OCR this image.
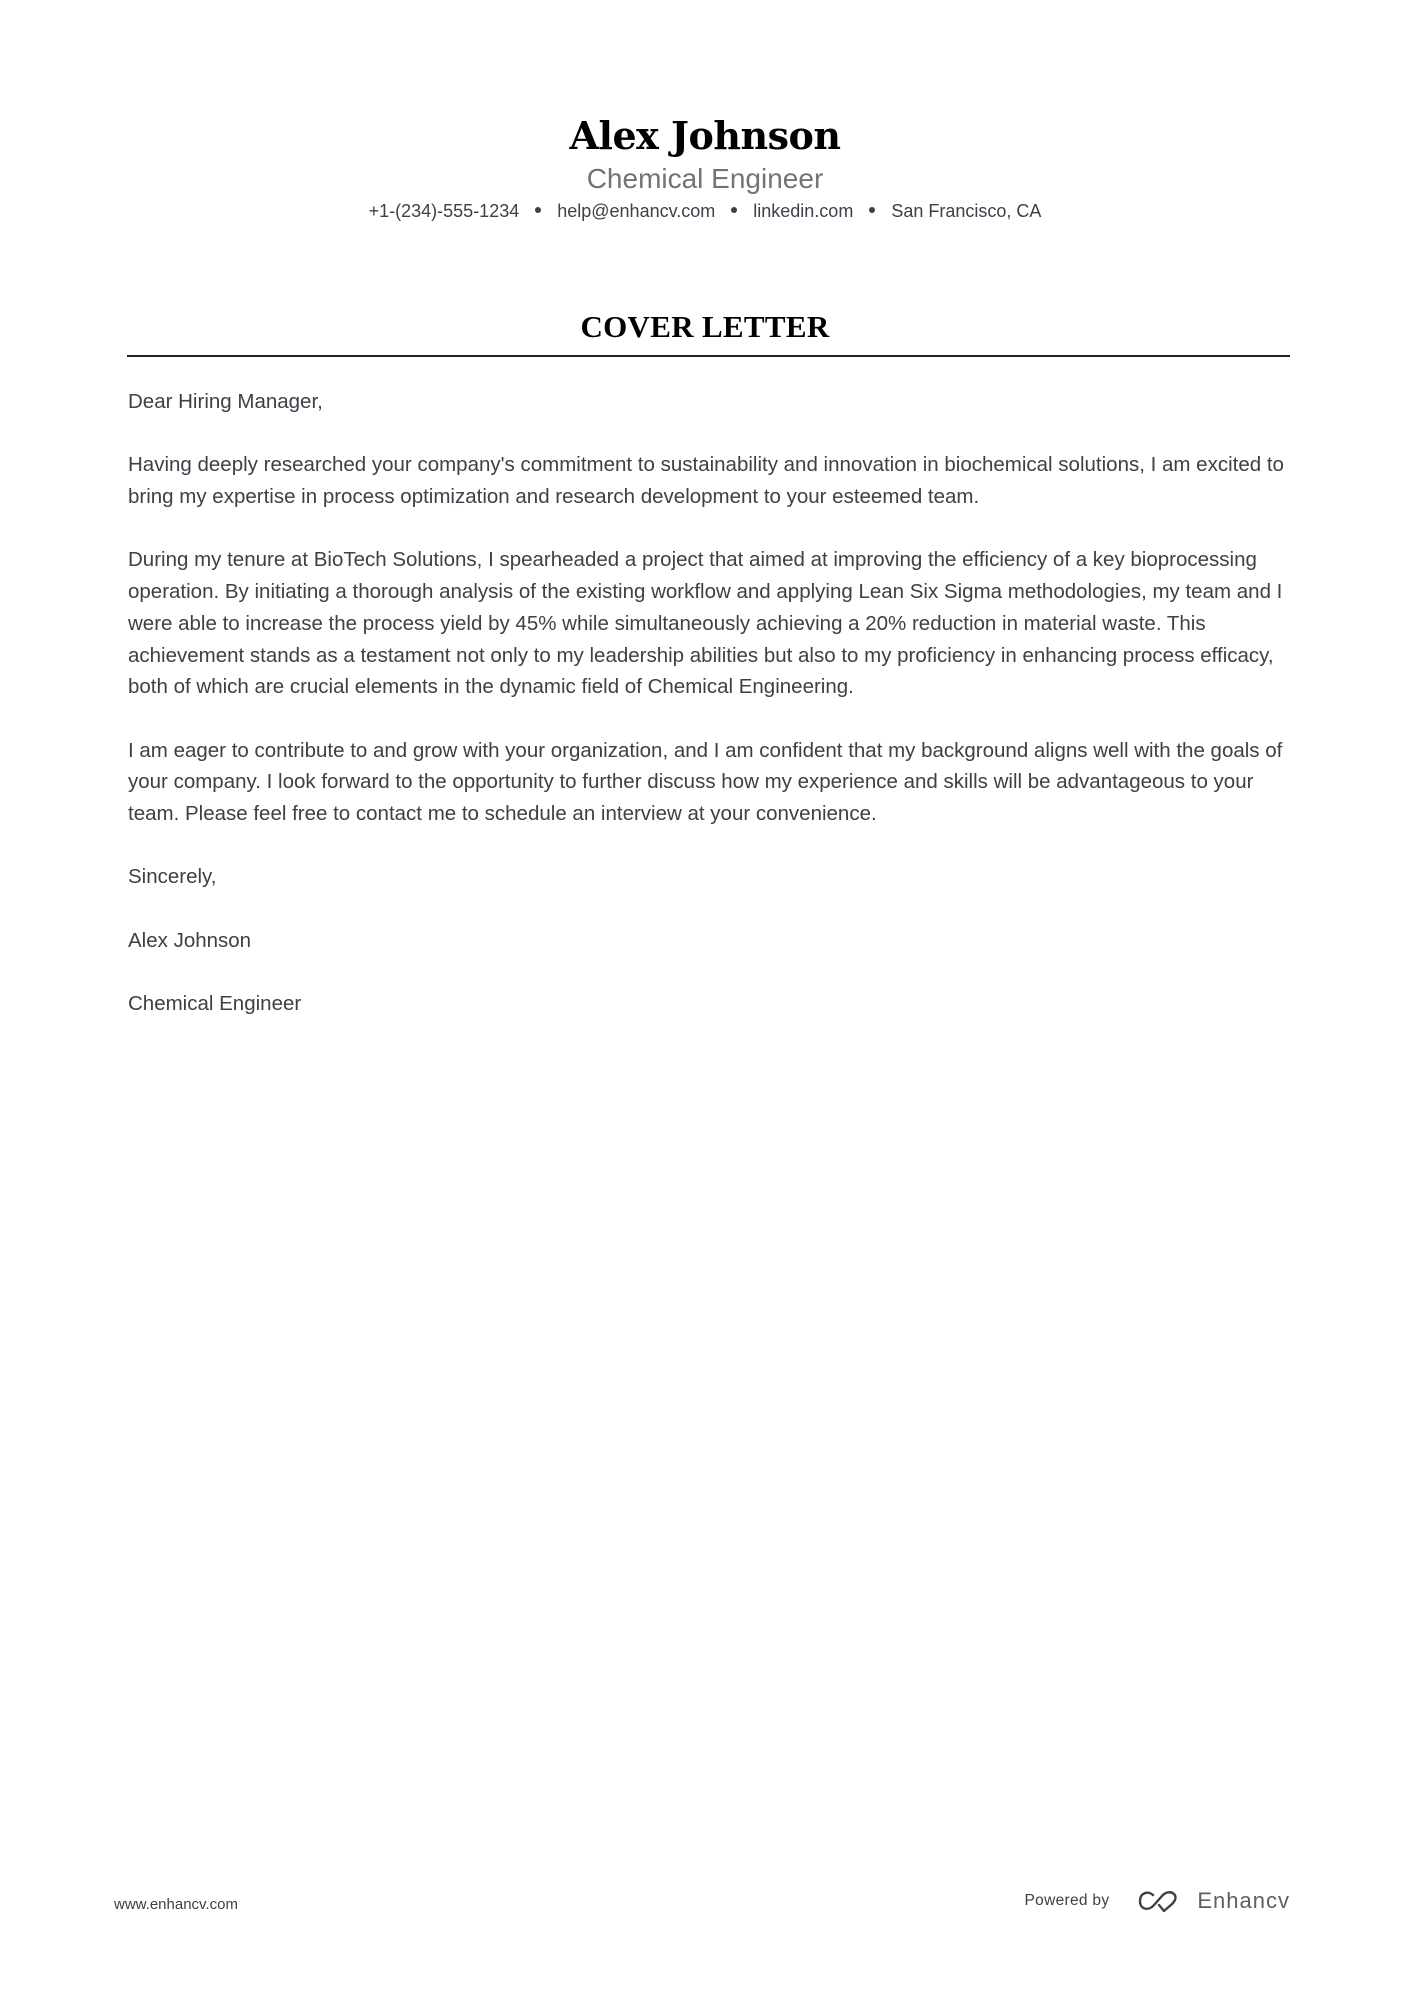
Alex Johnson
Chemical Engineer
+1-(234)-555-1234 help@enhancv.com linkedin.com San Francisco, CA
COVER LETTER

Dear Hiring Manager,

Having deeply researched your company's commitment to sustainability and innovation in biochemical solutions, I am excited to bring my expertise in process optimization and research development to your esteemed team.

During my tenure at BioTech Solutions, I spearheaded a project that aimed at improving the efficiency of a key bioprocessing operation. By initiating a thorough analysis of the existing workflow and applying Lean Six Sigma methodologies, my team and I were able to increase the process yield by 45% while simultaneously achieving a 20% reduction in material waste. This achievement stands as a testament not only to my leadership abilities but also to my proficiency in enhancing process efficacy, both of which are crucial elements in the dynamic field of Chemical Engineering.

I am eager to contribute to and grow with your organization, and I am confident that my background aligns well with the goals of your company. I look forward to the opportunity to further discuss how my experience and skills will be advantageous to your team. Please feel free to contact me to schedule an interview at your convenience.

Sincerely,

Alex Johnson

Chemical Engineer

www.enhancv.com	Powered by	Enhancv
